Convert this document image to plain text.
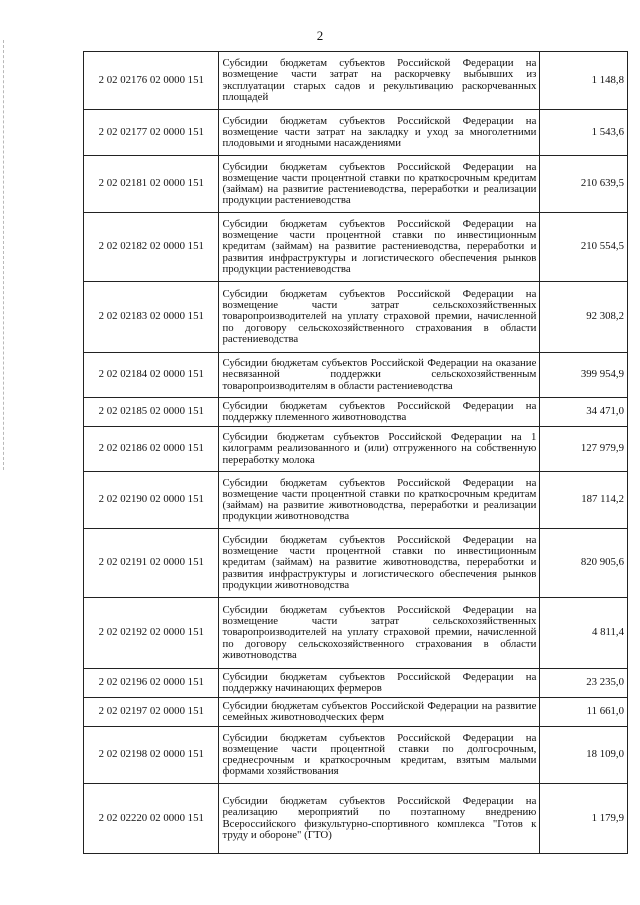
2
2 02 02176 02 0000 151	Субсидии бюджетам субъектов Российской Федерации на возмещение части затрат на раскорчевку выбывших из эксплуатации старых садов и рекультивацию раскорчеванных площадей	1 148,8
2 02 02177 02 0000 151	Субсидии бюджетам субъектов Российской Федерации на возмещение части затрат на закладку и уход за многолетними плодовыми и ягодными насаждениями	1 543,6
2 02 02181 02 0000 151	Субсидии бюджетам субъектов Российской Федерации на возмещение части процентной ставки по краткосрочным кредитам (займам) на развитие растениеводства, переработки и реализации продукции растениеводства	210 639,5
2 02 02182 02 0000 151	Субсидии бюджетам субъектов Российской Федерации на возмещение части процентной ставки по инвестиционным кредитам (займам) на развитие растениеводства, переработки и развития инфраструктуры и логистического обеспечения рынков продукции растениеводства	210 554,5
2 02 02183 02 0000 151	Субсидии бюджетам субъектов Российской Федерации на возмещение части затрат сельскохозяйственных товаропроизводителей на уплату страховой премии, начисленной по договору сельскохозяйственного страхования в области растениеводства	92 308,2
2 02 02184 02 0000 151	Субсидии бюджетам субъектов Российской Федерации на оказание несвязанной поддержки сельскохозяйственным товаропроизводителям в области растениеводства	399 954,9
2 02 02185 02 0000 151	Субсидии бюджетам субъектов Российской Федерации на поддержку племенного животноводства	34 471,0
2 02 02186 02 0000 151	Субсидии бюджетам субъектов Российской Федерации на 1 килограмм реализованного и (или) отгруженного на собственную переработку молока	127 979,9
2 02 02190 02 0000 151	Субсидии бюджетам субъектов Российской Федерации на возмещение части процентной ставки по краткосрочным кредитам (займам) на развитие животноводства, переработки и реализации продукции животноводства	187 114,2
2 02 02191 02 0000 151	Субсидии бюджетам субъектов Российской Федерации на возмещение части процентной ставки по инвестиционным кредитам (займам) на развитие животноводства, переработки и развития инфраструктуры и логистического обеспечения рынков продукции животноводства	820 905,6
2 02 02192 02 0000 151	Субсидии бюджетам субъектов Российской Федерации на возмещение части затрат сельскохозяйственных товаропроизводителей на уплату страховой премии, начисленной по договору сельскохозяйственного страхования в области животноводства	4 811,4
2 02 02196 02 0000 151	Субсидии бюджетам субъектов Российской Федерации на поддержку начинающих фермеров	23 235,0
2 02 02197 02 0000 151	Субсидии бюджетам субъектов Российской Федерации на развитие семейных животноводческих ферм	11 661,0
2 02 02198 02 0000 151	Субсидии бюджетам субъектов Российской Федерации на возмещение части процентной ставки по долгосрочным, среднесрочным и краткосрочным кредитам, взятым малыми формами хозяйствования	18 109,0
2 02 02220 02 0000 151	Субсидии бюджетам субъектов Российской Федерации на реализацию мероприятий по поэтапному внедрению Всероссийского физкультурно-спортивного комплекса "Готов к труду и обороне" (ГТО)	1 179,9
